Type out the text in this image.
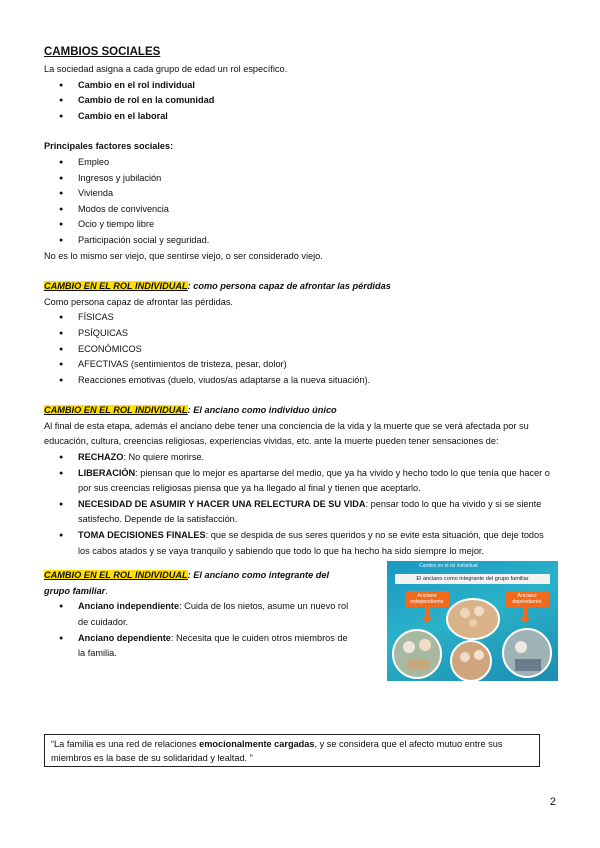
CAMBIOS SOCIALES

La sociedad asigna a cada grupo de edad un rol específico.

● Cambio en el rol individual
● Cambio de rol en la comunidad
● Cambio en el laboral

Principales factores sociales:

● Empleo
● Ingresos y jubilación
● Vivienda
● Modos de convivencia
● Ocio y tiempo libre
● Participación social y seguridad.

No es lo mismo ser viejo, que sentirse viejo, o ser considerado viejo.

CAMBIO EN EL ROL INDIVIDUAL: como persona capaz de afrontar las pérdidas

Como persona capaz de afrontar las pérdidas.

● FÍSICAS
● PSÍQUICAS
● ECONÓMICOS
● AFECTIVAS (sentimientos de tristeza, pesar, dolor)
● Reacciones emotivas (duelo, viudos/as adaptarse a la nueva situación).

CAMBIO EN EL ROL INDIVIDUAL: El anciano como individuo único

Al final de esta etapa, además el anciano debe tener una conciencia de la vida y la muerte que se verá afectada por su educación, cultura, creencias religiosas, experiencias vividas, etc. ante la muerte pueden tener sensaciones de:

● RECHAZO: No quiere morirse.
● LIBERACIÓN: piensan que lo mejor es apartarse del medio, que ya ha vivido y hecho todo lo que tenía que hacer o por sus creencias religiosas piensa que ya ha llegado al final y tienen que aceptarlo.
● NECESIDAD DE ASUMIR Y HACER UNA RELECTURA DE SU VIDA: pensar todo lo que ha vivido y si se siente satisfecho. Depende de la satisfacción.
● TOMA DECISIONES FINALES: que se despida de sus seres queridos y no se evite esta situación, que deje todos los cabos atados y se vaya tranquilo y sabiendo que todo lo que ha hecho ha sido siempre lo mejor.

CAMBIO EN EL ROL INDIVIDUAL: El anciano como integrante del grupo familiar.

● Anciano independiente: Cuida de los nietos, asume un nuevo rol de cuidador.
● Anciano dependiente: Necesita que le cuiden otros miembros de la familia.
Cambio en el rol individual
El anciano como integrante del grupo familiar
Anciano independiente
Anciano dependiente
“La familia es una red de relaciones emocionalmente cargadas, y se considera que el afecto mutuo entre sus miembros es la base de su solidaridad y lealtad. ”
2
